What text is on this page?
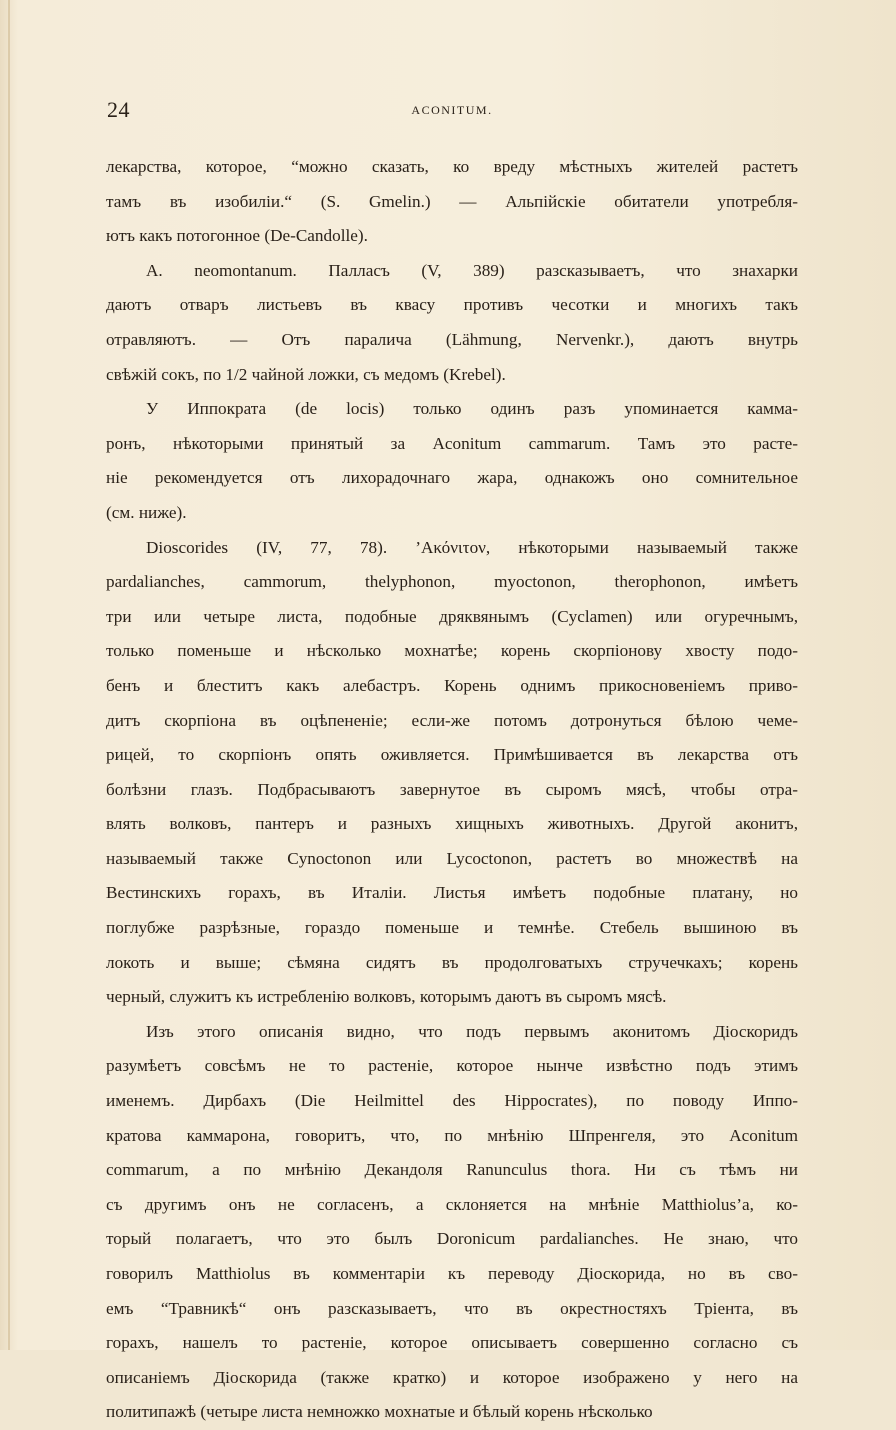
24	ACONITUM.
лекарства, которое, “можно сказать, ко вреду мѣстныхъ жителей растетъ
тамъ въ изобиліи.“ (S. Gmelin.) — Альпійскіе обитатели употребля-
ютъ какъ потогонное (De-Candolle).
A. neomontanum. Палласъ (V, 389) разсказываетъ, что знахарки
даютъ отваръ листьевъ въ квасу противъ чесотки и многихъ такъ
отравляютъ. — Отъ паралича (Lähmung, Nervenkr.), даютъ внутрь
свѣжій сокъ, по 1/2 чайной ложки, съ медомъ (Krebel).
У Иппократа (de locis) только одинъ разъ упоминается камма-
ронъ, нѣкоторыми принятый за Aconitum cammarum. Тамъ это расте-
ніе рекомендуется отъ лихорадочнаго жара, однакожъ оно сомнительное
(см. ниже).
Dioscorides (IV, 77, 78). ’Ακόνιτον, нѣкоторыми называемый также
pardalianches, cammorum, thelyphonon, myoctonon, therophonon, имѣетъ
три или четыре листа, подобные дряквянымъ (Cyclamen) или огуречнымъ,
только поменьше и нѣсколько мохнатѣе; корень скорпіонову хвосту подо-
бенъ и блеститъ какъ алебастръ. Корень однимъ прикосновеніемъ приво-
дитъ скорпіона въ оцѣпененіе; если-же потомъ дотронуться бѣлою чеме-
рицей, то скорпіонъ опять оживляется. Примѣшивается въ лекарства отъ
болѣзни глазъ. Подбрасываютъ завернутое въ сыромъ мясѣ, чтобы отра-
влять волковъ, пантеръ и разныхъ хищныхъ животныхъ. Другой аконитъ,
называемый также Cynoctonon или Lycoctonon, растетъ во множествѣ на
Вестинскихъ горахъ, въ Италіи. Листья имѣетъ подобные платану, но
поглубже разрѣзные, гораздо поменьше и темнѣе. Стебель вышиною въ
локоть и выше; сѣмяна сидятъ въ продолговатыхъ стручечкахъ; корень
черный, служитъ къ истребленію волковъ, которымъ даютъ въ сыромъ мясѣ.
Изъ этого описанія видно, что подъ первымъ аконитомъ Діоскоридъ
разумѣетъ совсѣмъ не то растеніе, которое нынче извѣстно подъ этимъ
именемъ. Дирбахъ (Die Heilmittel des Hippocrates), по поводу Иппо-
кратова каммарона, говоритъ, что, по мнѣнію Шпренгеля, это Aconitum
commarum, а по мнѣнію Декандоля Ranunculus thora. Ни съ тѣмъ ни
съ другимъ онъ не согласенъ, а склоняется на мнѣніе Matthiolus’а, ко-
торый полагаетъ, что это былъ Doronicum pardalianches. Не знаю, что
говорилъ Matthiolus въ комментаріи къ переводу Діоскорида, но въ сво-
емъ “Травникѣ“ онъ разсказываетъ, что въ окрестностяхъ Тріента, въ
горахъ, нашелъ то растеніе, которое описываетъ совершенно согласно съ
описаніемъ Діоскорида (также кратко) и которое изображено у него на
политипажѣ (четыре листа немножко мохнатые и бѣлый корень нѣсколько
